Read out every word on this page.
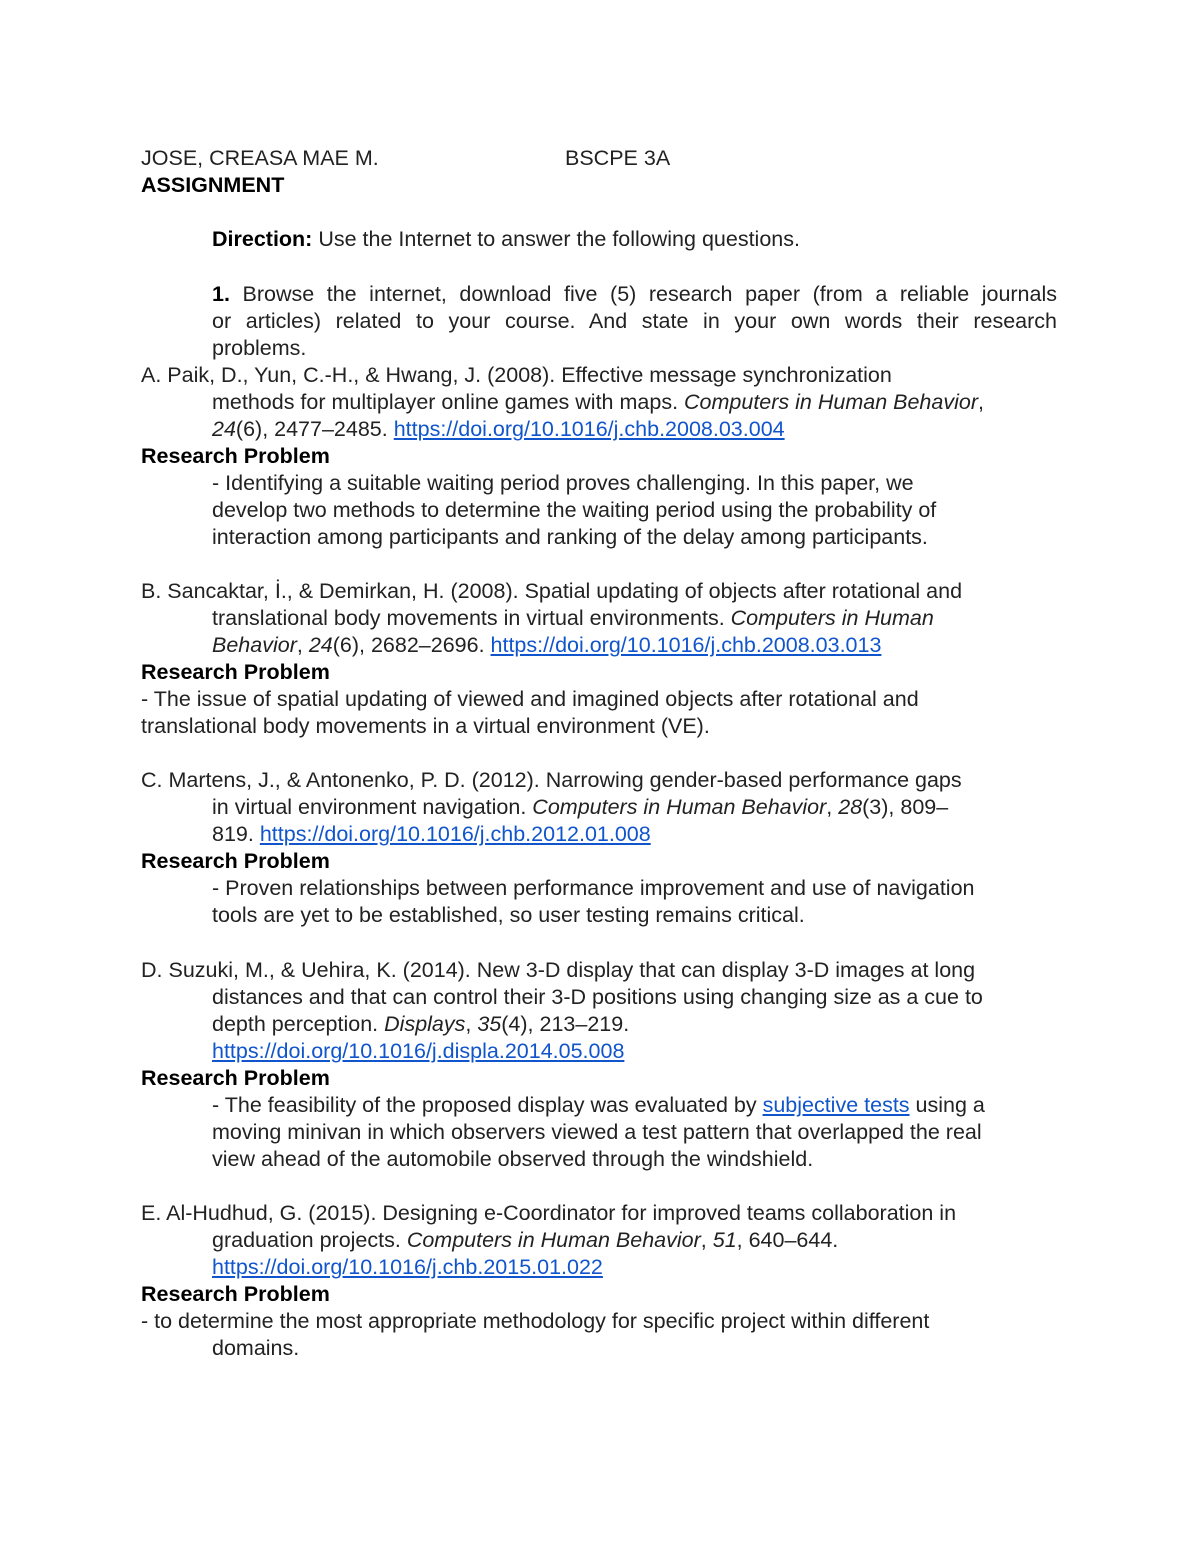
JOSE, CREASA MAE M.	BSCPE 3A
ASSIGNMENT
Direction: Use the Internet to answer the following questions.
1. Browse the internet, download five (5) research paper (from a reliable journals
or articles) related to your course. And state in your own words their research
problems.
A. Paik, D., Yun, C.-H., & Hwang, J. (2008). Effective message synchronization
methods for multiplayer online games with maps. Computers in Human Behavior,
24(6), 2477–2485. https://doi.org/10.1016/j.chb.2008.03.004
Research Problem
- Identifying a suitable waiting period proves challenging. In this paper, we
develop two methods to determine the waiting period using the probability of
interaction among participants and ranking of the delay among participants.
B. Sancaktar, İ., & Demirkan, H. (2008). Spatial updating of objects after rotational and
translational body movements in virtual environments. Computers in Human
Behavior, 24(6), 2682–2696. https://doi.org/10.1016/j.chb.2008.03.013
Research Problem
- The issue of spatial updating of viewed and imagined objects after rotational and
translational body movements in a virtual environment (VE).
C. Martens, J., & Antonenko, P. D. (2012). Narrowing gender-based performance gaps
in virtual environment navigation. Computers in Human Behavior, 28(3), 809–
819. https://doi.org/10.1016/j.chb.2012.01.008
Research Problem
- Proven relationships between performance improvement and use of navigation
tools are yet to be established, so user testing remains critical.
D. Suzuki, M., & Uehira, K. (2014). New 3-D display that can display 3-D images at long
distances and that can control their 3-D positions using changing size as a cue to
depth perception. Displays, 35(4), 213–219.
https://doi.org/10.1016/j.displa.2014.05.008
Research Problem
- The feasibility of the proposed display was evaluated by subjective tests using a
moving minivan in which observers viewed a test pattern that overlapped the real
view ahead of the automobile observed through the windshield.
E. Al-Hudhud, G. (2015). Designing e-Coordinator for improved teams collaboration in
graduation projects. Computers in Human Behavior, 51, 640–644.
https://doi.org/10.1016/j.chb.2015.01.022
Research Problem
- to determine the most appropriate methodology for specific project within different
domains.
